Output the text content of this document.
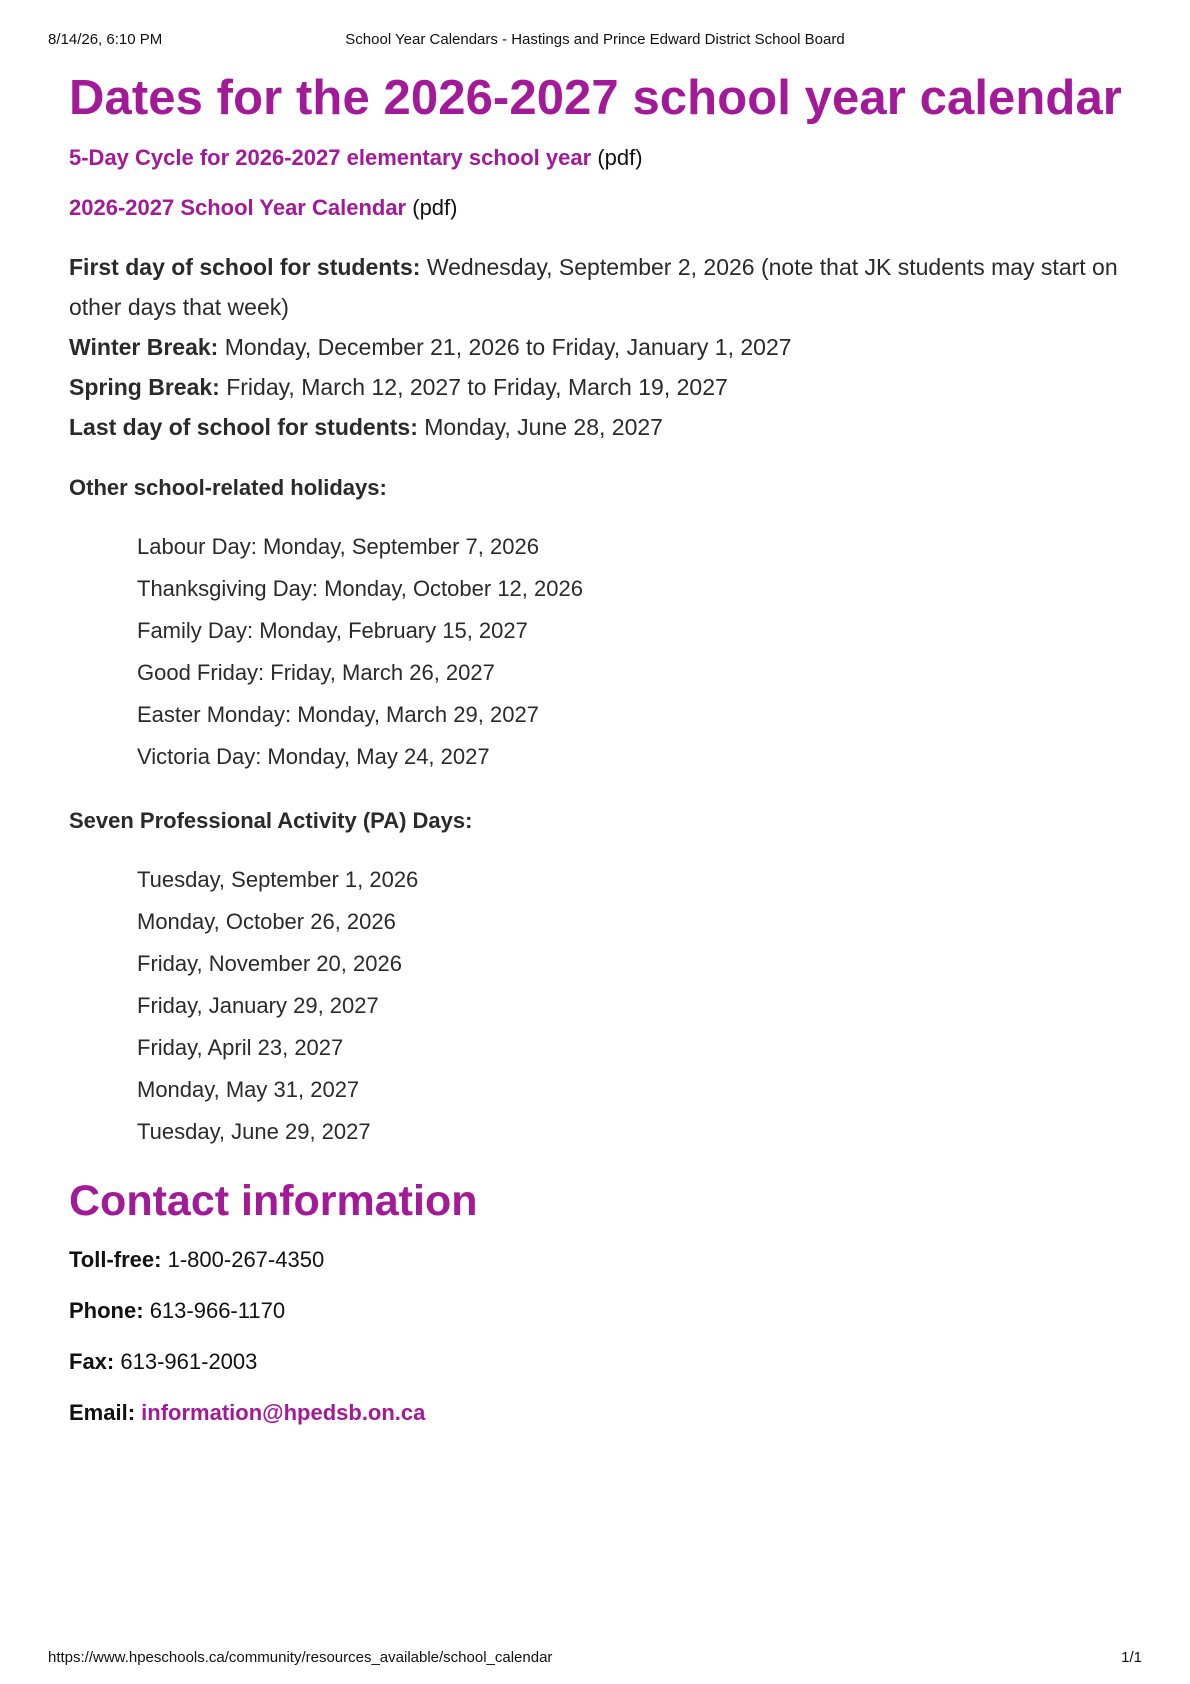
8/14/26, 6:10 PM	School Year Calendars - Hastings and Prince Edward District School Board
Dates for the 2026-2027 school year calendar
5-Day Cycle for 2026-2027 elementary school year (pdf)
2026-2027 School Year Calendar (pdf)
First day of school for students: Wednesday, September 2, 2026 (note that JK students may start on other days that week)
Winter Break: Monday, December 21, 2026 to Friday, January 1, 2027
Spring Break: Friday, March 12, 2027 to Friday, March 19, 2027
Last day of school for students: Monday, June 28, 2027
Other school-related holidays:
Labour Day: Monday, September 7, 2026
Thanksgiving Day: Monday, October 12, 2026
Family Day: Monday, February 15, 2027
Good Friday: Friday, March 26, 2027
Easter Monday: Monday, March 29, 2027
Victoria Day: Monday, May 24, 2027
Seven Professional Activity (PA) Days:
Tuesday, September 1, 2026
Monday, October 26, 2026
Friday, November 20, 2026
Friday, January 29, 2027
Friday, April 23, 2027
Monday, May 31, 2027
Tuesday, June 29, 2027
Contact information
Toll-free: 1-800-267-4350
Phone: 613-966-1170
Fax: 613-961-2003
Email: information@hpedsb.on.ca
https://www.hpeschools.ca/community/resources_available/school_calendar	1/1
